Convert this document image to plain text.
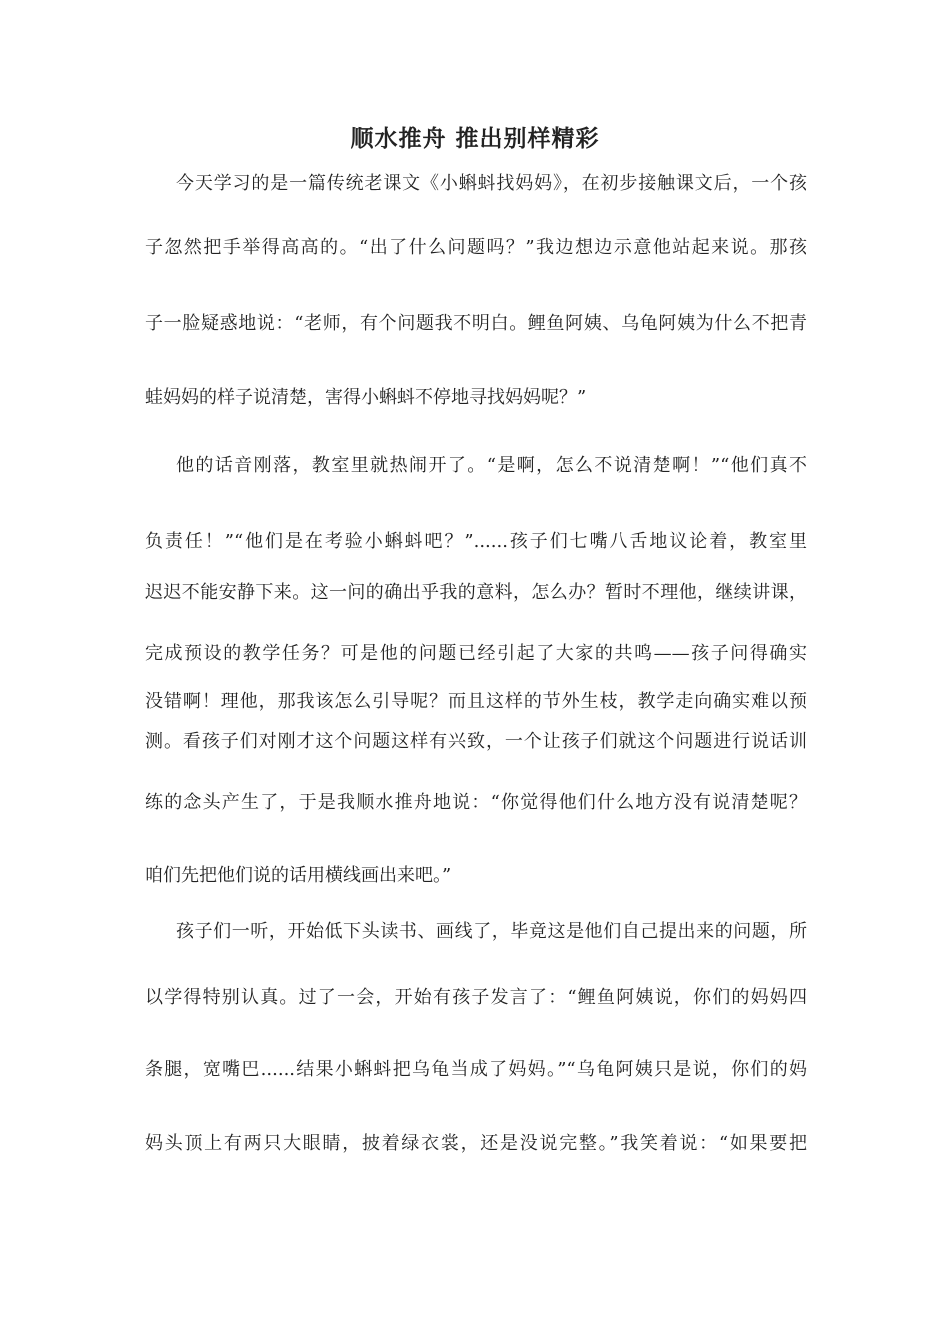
顺水推舟 推出别样精彩
今天学习的是一篇传统老课文《小蝌蚪找妈妈》，在初步接触课文后，一个孩
子忽然把手举得高高的。“出了什么问题吗？”我边想边示意他站起来说。那孩
子一脸疑惑地说：“老师，有个问题我不明白。鲤鱼阿姨、乌龟阿姨为什么不把青
蛙妈妈的样子说清楚，害得小蝌蚪不停地寻找妈妈呢？”
他的话音刚落，教室里就热闹开了。“是啊，怎么不说清楚啊！”“他们真不
负责任！”“他们是在考验小蝌蚪吧？”......孩子们七嘴八舌地议论着，教室里
迟迟不能安静下来。这一问的确出乎我的意料，怎么办？暂时不理他，继续讲课，
完成预设的教学任务？可是他的问题已经引起了大家的共鸣——孩子问得确实
没错啊！理他，那我该怎么引导呢？而且这样的节外生枝，教学走向确实难以预
测。看孩子们对刚才这个问题这样有兴致，一个让孩子们就这个问题进行说话训
练的念头产生了，于是我顺水推舟地说：“你觉得他们什么地方没有说清楚呢？
咱们先把他们说的话用横线画出来吧。”
孩子们一听，开始低下头读书、画线了，毕竟这是他们自己提出来的问题，所
以学得特别认真。过了一会，开始有孩子发言了：“鲤鱼阿姨说，你们的妈妈四
条腿，宽嘴巴......结果小蝌蚪把乌龟当成了妈妈。”“乌龟阿姨只是说，你们的妈
妈头顶上有两只大眼睛，披着绿衣裳，还是没说完整。”我笑着说：“如果要把
